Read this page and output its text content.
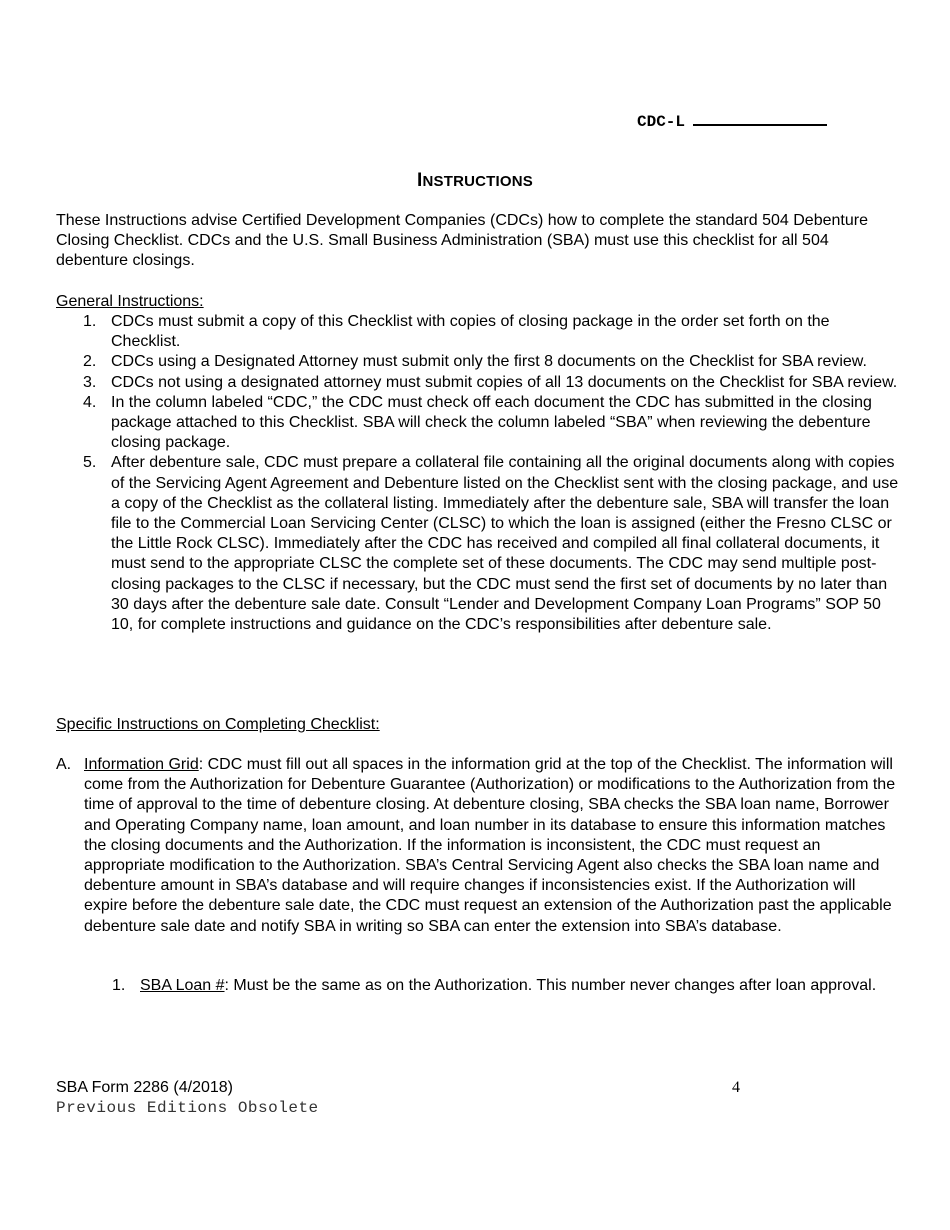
CDC-L
INSTRUCTIONS
These Instructions advise Certified Development Companies (CDCs) how to complete the standard 504 Debenture Closing Checklist. CDCs and the U.S. Small Business Administration (SBA) must use this checklist for all 504 debenture closings.
General Instructions:
1. CDCs must submit a copy of this Checklist with copies of closing package in the order set forth on the Checklist.
2. CDCs using a Designated Attorney must submit only the first 8 documents on the Checklist for SBA review.
3. CDCs not using a designated attorney must submit copies of all 13 documents on the Checklist for SBA review.
4. In the column labeled “CDC,” the CDC must check off each document the CDC has submitted in the closing package attached to this Checklist. SBA will check the column labeled “SBA” when reviewing the debenture closing package.
5. After debenture sale, CDC must prepare a collateral file containing all the original documents along with copies of the Servicing Agent Agreement and Debenture listed on the Checklist sent with the closing package, and use a copy of the Checklist as the collateral listing. Immediately after the debenture sale, SBA will transfer the loan file to the Commercial Loan Servicing Center (CLSC) to which the loan is assigned (either the Fresno CLSC or the Little Rock CLSC). Immediately after the CDC has received and compiled all final collateral documents, it must send to the appropriate CLSC the complete set of these documents. The CDC may send multiple post-closing packages to the CLSC if necessary, but the CDC must send the first set of documents by no later than 30 days after the debenture sale date. Consult “Lender and Development Company Loan Programs” SOP 50 10, for complete instructions and guidance on the CDC’s responsibilities after debenture sale.
Specific Instructions on Completing Checklist:
A. Information Grid: CDC must fill out all spaces in the information grid at the top of the Checklist. The information will come from the Authorization for Debenture Guarantee (Authorization) or modifications to the Authorization from the time of approval to the time of debenture closing. At debenture closing, SBA checks the SBA loan name, Borrower and Operating Company name, loan amount, and loan number in its database to ensure this information matches the closing documents and the Authorization. If the information is inconsistent, the CDC must request an appropriate modification to the Authorization. SBA’s Central Servicing Agent also checks the SBA loan name and debenture amount in SBA’s database and will require changes if inconsistencies exist. If the Authorization will expire before the debenture sale date, the CDC must request an extension of the Authorization past the applicable debenture sale date and notify SBA in writing so SBA can enter the extension into SBA’s database.
1. SBA Loan #: Must be the same as on the Authorization. This number never changes after loan approval.
SBA Form 2286 (4/2018)
Previous Editions Obsolete
4
